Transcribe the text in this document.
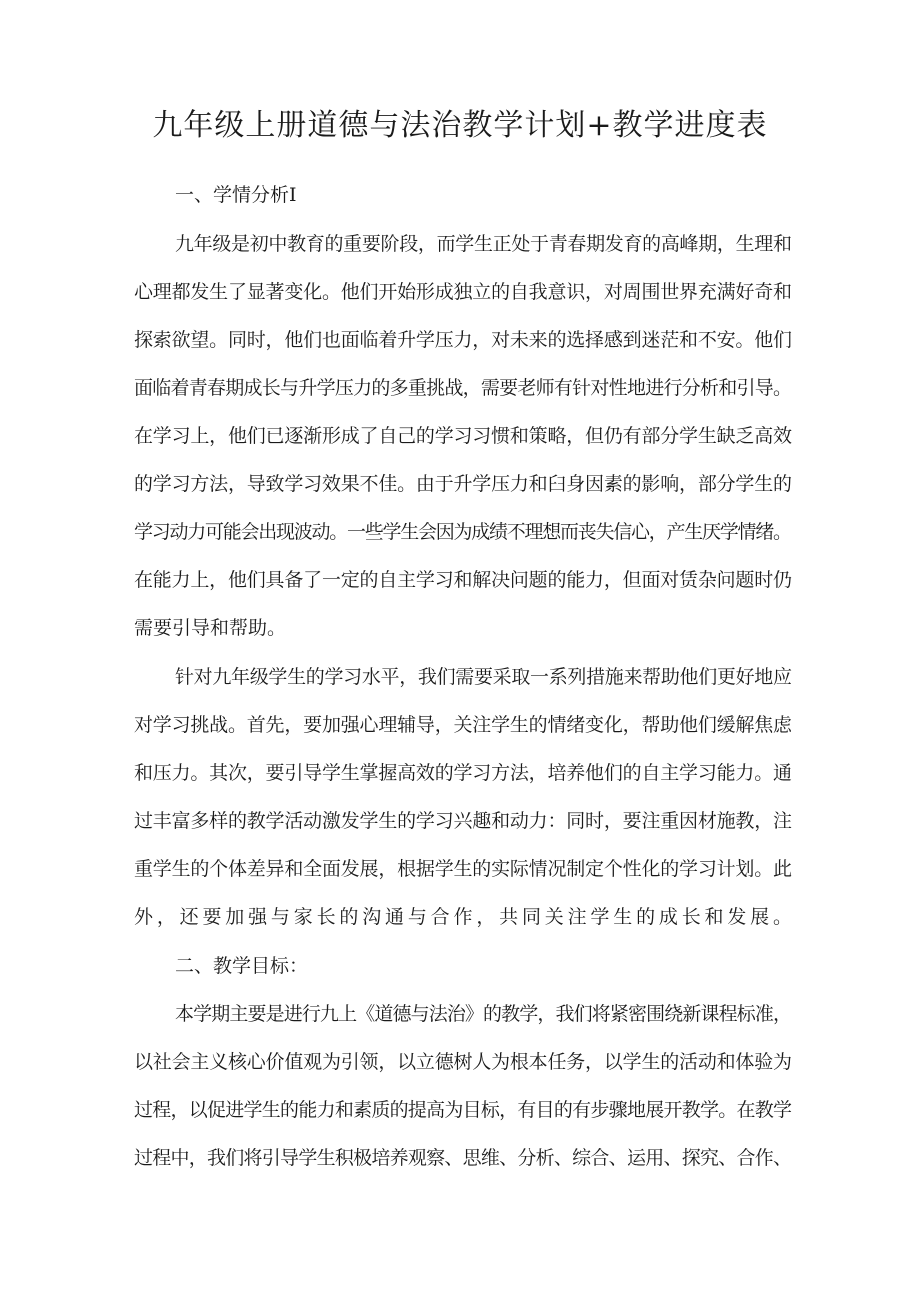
九年级上册道德与法治教学计划+教学进度表

一、学情分析I

九年级是初中教育的重要阶段，而学生正处于青春期发育的高峰期，生理和

心理都发生了显著变化。他们开始形成独立的自我意识，对周围世界充满好奇和

探索欲望。同时，他们也面临着升学压力，对未来的选择感到迷茫和不安。他们

面临着青春期成长与升学压力的多重挑战，需要老师有针对性地进行分析和引导。

在学习上，他们已逐渐形成了自己的学习习惯和策略，但仍有部分学生缺乏高效

的学习方法，导致学习效果不佳。由于升学压力和臼身因素的影响，部分学生的

学习动力可能会出现波动。一些学生会因为成绩不理想而丧失信心，产生厌学情绪。

在能力上，他们具备了一定的自主学习和解决问题的能力，但面对赁杂问题时仍

需要引导和帮助。

针对九年级学生的学习水平，我们需要采取一系列措施来帮助他们更好地应

对学习挑战。首先，要加强心理辅导，关注学生的情绪变化，帮助他们缓解焦虑

和压力。其次，要引导学生掌握高效的学习方法，培养他们的自主学习能力。通

过丰富多样的教学活动激发学生的学习兴趣和动力：同时，要注重因材施教，注

重学生的个体差异和全面发展，根据学生的实际情况制定个性化的学习计划。此

外，还要加强与家长的沟通与合作，共同关注学生的成长和发展。

二、教学目标：

本学期主要是进行九上《道德与法治》的教学，我们将紧密围绕新课程标准，

以社会主义核心价值观为引领，以立德树人为根本任务，以学生的活动和体验为

过程，以促进学生的能力和素质的提高为目标，有目的有步骤地展开教学。在教学

过程中，我们将引导学生积极培养观察、思维、分析、综合、运用、探究、合作、
